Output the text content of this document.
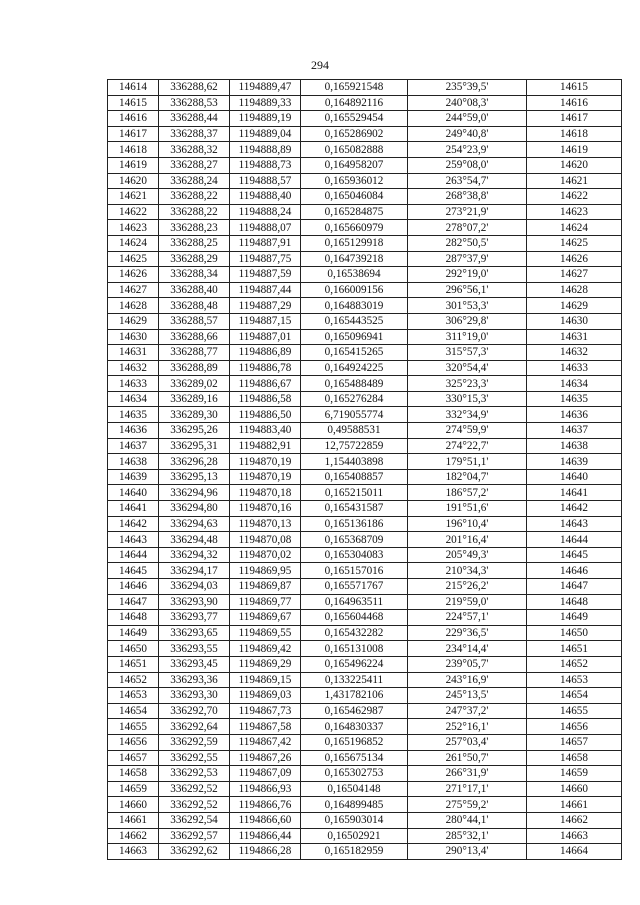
294
14614	336288,62	1194889,47	0,165921548	235°39,5'	14615
14615	336288,53	1194889,33	0,164892116	240°08,3'	14616
14616	336288,44	1194889,19	0,165529454	244°59,0'	14617
14617	336288,37	1194889,04	0,165286902	249°40,8'	14618
14618	336288,32	1194888,89	0,165082888	254°23,9'	14619
14619	336288,27	1194888,73	0,164958207	259°08,0'	14620
14620	336288,24	1194888,57	0,165936012	263°54,7'	14621
14621	336288,22	1194888,40	0,165046084	268°38,8'	14622
14622	336288,22	1194888,24	0,165284875	273°21,9'	14623
14623	336288,23	1194888,07	0,165660979	278°07,2'	14624
14624	336288,25	1194887,91	0,165129918	282°50,5'	14625
14625	336288,29	1194887,75	0,164739218	287°37,9'	14626
14626	336288,34	1194887,59	0,16538694	292°19,0'	14627
14627	336288,40	1194887,44	0,166009156	296°56,1'	14628
14628	336288,48	1194887,29	0,164883019	301°53,3'	14629
14629	336288,57	1194887,15	0,165443525	306°29,8'	14630
14630	336288,66	1194887,01	0,165096941	311°19,0'	14631
14631	336288,77	1194886,89	0,165415265	315°57,3'	14632
14632	336288,89	1194886,78	0,164924225	320°54,4'	14633
14633	336289,02	1194886,67	0,165488489	325°23,3'	14634
14634	336289,16	1194886,58	0,165276284	330°15,3'	14635
14635	336289,30	1194886,50	6,719055774	332°34,9'	14636
14636	336295,26	1194883,40	0,49588531	274°59,9'	14637
14637	336295,31	1194882,91	12,75722859	274°22,7'	14638
14638	336296,28	1194870,19	1,154403898	179°51,1'	14639
14639	336295,13	1194870,19	0,165408857	182°04,7'	14640
14640	336294,96	1194870,18	0,165215011	186°57,2'	14641
14641	336294,80	1194870,16	0,165431587	191°51,6'	14642
14642	336294,63	1194870,13	0,165136186	196°10,4'	14643
14643	336294,48	1194870,08	0,165368709	201°16,4'	14644
14644	336294,32	1194870,02	0,165304083	205°49,3'	14645
14645	336294,17	1194869,95	0,165157016	210°34,3'	14646
14646	336294,03	1194869,87	0,165571767	215°26,2'	14647
14647	336293,90	1194869,77	0,164963511	219°59,0'	14648
14648	336293,77	1194869,67	0,165604468	224°57,1'	14649
14649	336293,65	1194869,55	0,165432282	229°36,5'	14650
14650	336293,55	1194869,42	0,165131008	234°14,4'	14651
14651	336293,45	1194869,29	0,165496224	239°05,7'	14652
14652	336293,36	1194869,15	0,133225411	243°16,9'	14653
14653	336293,30	1194869,03	1,431782106	245°13,5'	14654
14654	336292,70	1194867,73	0,165462987	247°37,2'	14655
14655	336292,64	1194867,58	0,164830337	252°16,1'	14656
14656	336292,59	1194867,42	0,165196852	257°03,4'	14657
14657	336292,55	1194867,26	0,165675134	261°50,7'	14658
14658	336292,53	1194867,09	0,165302753	266°31,9'	14659
14659	336292,52	1194866,93	0,16504148	271°17,1'	14660
14660	336292,52	1194866,76	0,164899485	275°59,2'	14661
14661	336292,54	1194866,60	0,165903014	280°44,1'	14662
14662	336292,57	1194866,44	0,16502921	285°32,1'	14663
14663	336292,62	1194866,28	0,165182959	290°13,4'	14664
